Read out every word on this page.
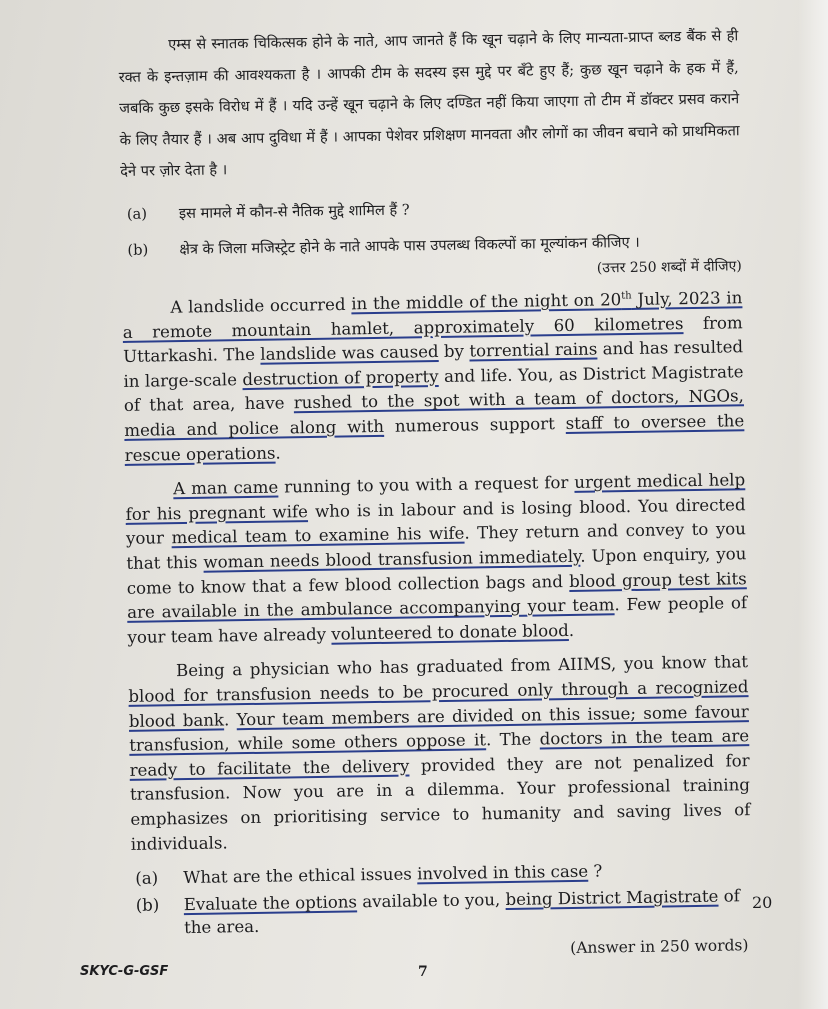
एम्स से स्नातक चिकित्सक होने के नाते, आप जानते हैं कि खून चढ़ाने के लिए मान्यता-प्राप्त ब्लड बैंक से ही रक्त के इन्तज़ाम की आवश्यकता है । आपकी टीम के सदस्य इस मुद्दे पर बँटे हुए हैं; कुछ खून चढ़ाने के हक में हैं, जबकि कुछ इसके विरोध में हैं । यदि उन्हें खून चढ़ाने के लिए दण्डित नहीं किया जाएगा तो टीम में डॉक्टर प्रसव कराने के लिए तैयार हैं । अब आप दुविधा में हैं । आपका पेशेवर प्रशिक्षण मानवता और लोगों का जीवन बचाने को प्राथमिकता देने पर ज़ोर देता है ।

(a)	इस मामले में कौन-से नैतिक मुद्दे शामिल हैं ?
(b)	क्षेत्र के जिला मजिस्ट्रेट होने के नाते आपके पास उपलब्ध विकल्पों का मूल्यांकन कीजिए ।
(उत्तर 250 शब्दों में दीजिए)

A landslide occurred in the middle of the night on 20th July, 2023 in a remote mountain hamlet, approximately 60 kilometres from Uttarkashi. The landslide was caused by torrential rains and has resulted in large-scale destruction of property and life. You, as District Magistrate of that area, have rushed to the spot with a team of doctors, NGOs, media and police along with numerous support staff to oversee the rescue operations.

A man came running to you with a request for urgent medical help for his pregnant wife who is in labour and is losing blood. You directed your medical team to examine his wife. They return and convey to you that this woman needs blood transfusion immediately. Upon enquiry, you come to know that a few blood collection bags and blood group test kits are available in the ambulance accompanying your team. Few people of your team have already volunteered to donate blood.

Being a physician who has graduated from AIIMS, you know that blood for transfusion needs to be procured only through a recognized blood bank. Your team members are divided on this issue; some favour transfusion, while some others oppose it. The doctors in the team are ready to facilitate the delivery provided they are not penalized for transfusion. Now you are in a dilemma. Your professional training emphasizes on prioritising service to humanity and saving lives of individuals.

(a)	What are the ethical issues involved in this case ?
(b)	Evaluate the options available to you, being District Magistrate of the area.
(Answer in 250 words)
20
SKYC-G-GSF	7
